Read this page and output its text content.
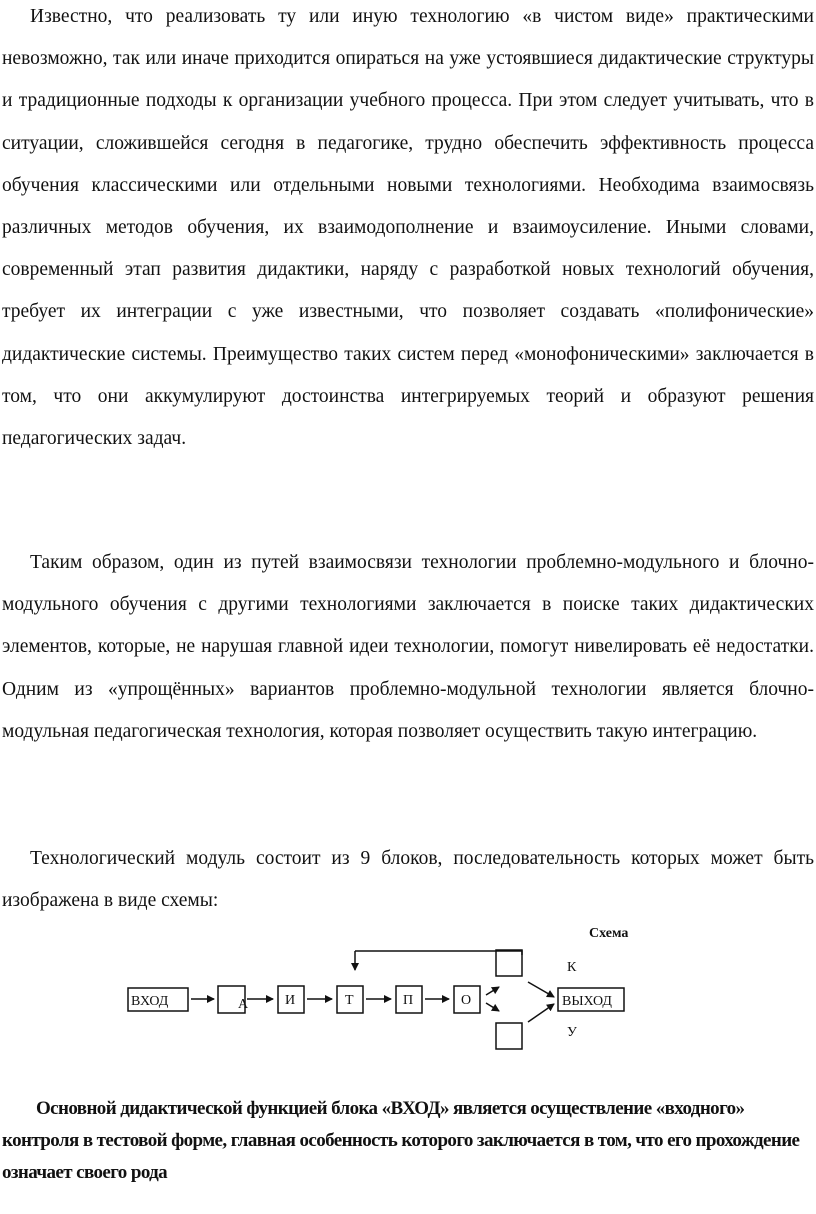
Известно, что реализовать ту или иную технологию «в чистом виде» практическими невозможно, так или иначе приходится опираться на уже устоявшиеся дидактические структуры и традиционные подходы к организации учебного процесса. При этом следует учитывать, что в ситуации, сложившейся сегодня в педагогике, трудно обеспечить эффективность процесса обучения классическими или отдельными новыми технологиями. Необходима взаимосвязь различных методов обучения, их взаимодополнение и взаимоусиление. Иными словами, современный этап развития дидактики, наряду с разработкой новых технологий обучения, требует их интеграции с уже известными, что позволяет создавать «полифонические» дидактические системы. Преимущество таких систем перед «монофоническими» заключается в том, что они аккумулируют достоинства интегрируемых теорий и образуют решения педагогических задач.

Таким образом, один из путей взаимосвязи технологии проблемно-модульного и блочно-модульного обучения с другими технологиями заключается в поиске таких дидактических элементов, которые, не нарушая главной идеи технологии, помогут нивелировать её недостатки. Одним из «упрощённых» вариантов проблемно-модульной технологии является блочно-модульная педагогическая технология, которая позволяет осуществить такую интеграцию.

Технологический модуль состоит из 9 блоков, последовательность которых может быть изображена в виде схемы:

Схема
ВХОД	А	И	Т	П	О	ВЫХОД
К
У

Основной дидактической функцией блока «ВХОД» является осуществление «входного» контроля в тестовой форме, главная особенность которого заключается в том, что его прохождение означает своего рода
